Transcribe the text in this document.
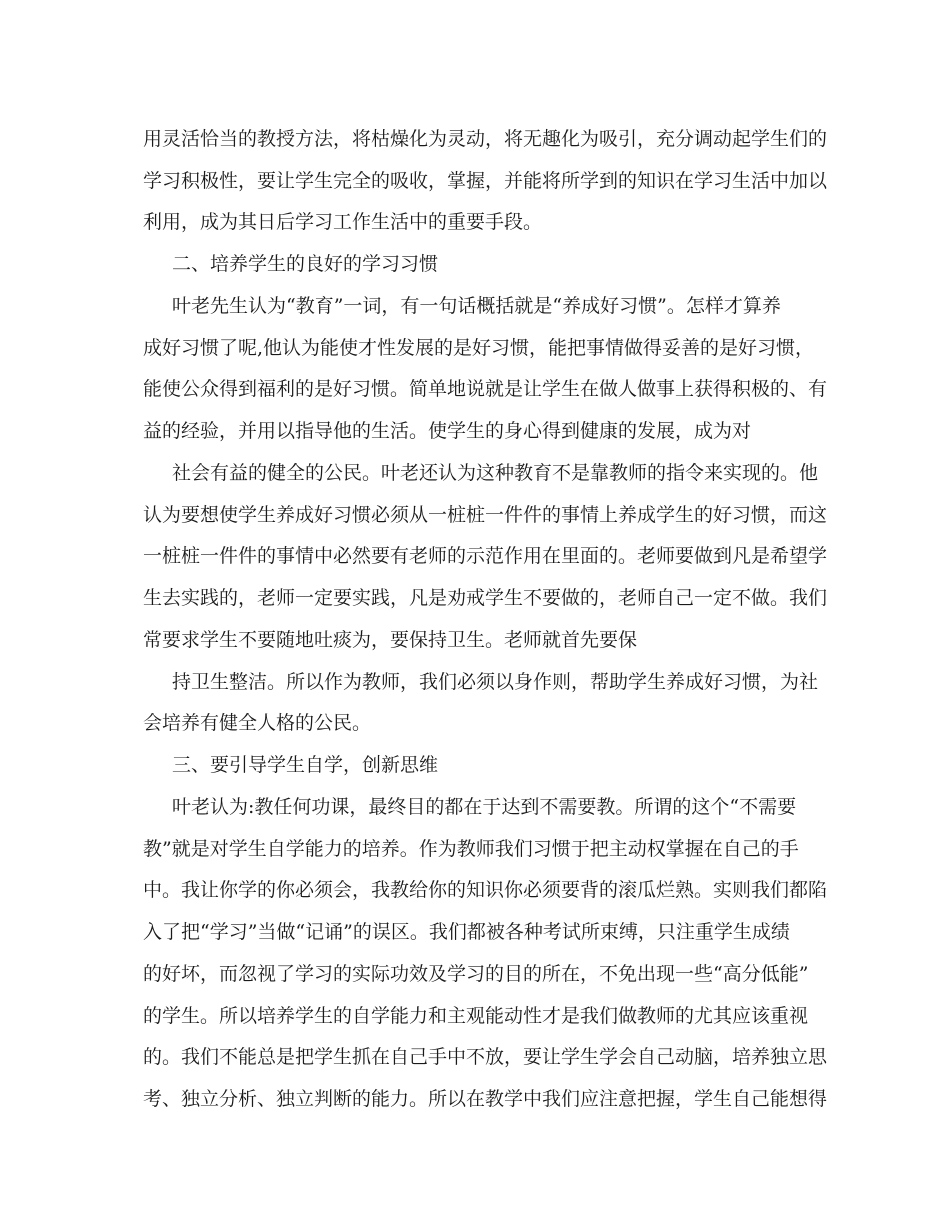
用灵活恰当的教授方法，将枯燥化为灵动，将无趣化为吸引，充分调动起学生们的
学习积极性，要让学生完全的吸收，掌握，并能将所学到的知识在学习生活中加以
利用，成为其日后学习工作生活中的重要手段。
二、培养学生的良好的学习习惯
叶老先生认为“教育”一词，有一句话概括就是“养成好习惯”。怎样才算养
成好习惯了呢,他认为能使才性发展的是好习惯，能把事情做得妥善的是好习惯，
能使公众得到福利的是好习惯。简单地说就是让学生在做人做事上获得积极的、有
益的经验，并用以指导他的生活。使学生的身心得到健康的发展，成为对
社会有益的健全的公民。叶老还认为这种教育不是靠教师的指令来实现的。他
认为要想使学生养成好习惯必须从一桩桩一件件的事情上养成学生的好习惯，而这
一桩桩一件件的事情中必然要有老师的示范作用在里面的。老师要做到凡是希望学
生去实践的，老师一定要实践，凡是劝戒学生不要做的，老师自己一定不做。我们
常要求学生不要随地吐痰为，要保持卫生。老师就首先要保
持卫生整洁。所以作为教师，我们必须以身作则，帮助学生养成好习惯，为社
会培养有健全人格的公民。
三、要引导学生自学，创新思维
叶老认为:教任何功课，最终目的都在于达到不需要教。所谓的这个“不需要
教”就是对学生自学能力的培养。作为教师我们习惯于把主动权掌握在自己的手
中。我让你学的你必须会，我教给你的知识你必须要背的滚瓜烂熟。实则我们都陷
入了把“学习”当做“记诵”的误区。我们都被各种考试所束缚，只注重学生成绩
的好坏，而忽视了学习的实际功效及学习的目的所在，不免出现一些“高分低能”
的学生。所以培养学生的自学能力和主观能动性才是我们做教师的尤其应该重视
的。我们不能总是把学生抓在自己手中不放，要让学生学会自己动脑，培养独立思
考、独立分析、独立判断的能力。所以在教学中我们应注意把握，学生自己能想得
